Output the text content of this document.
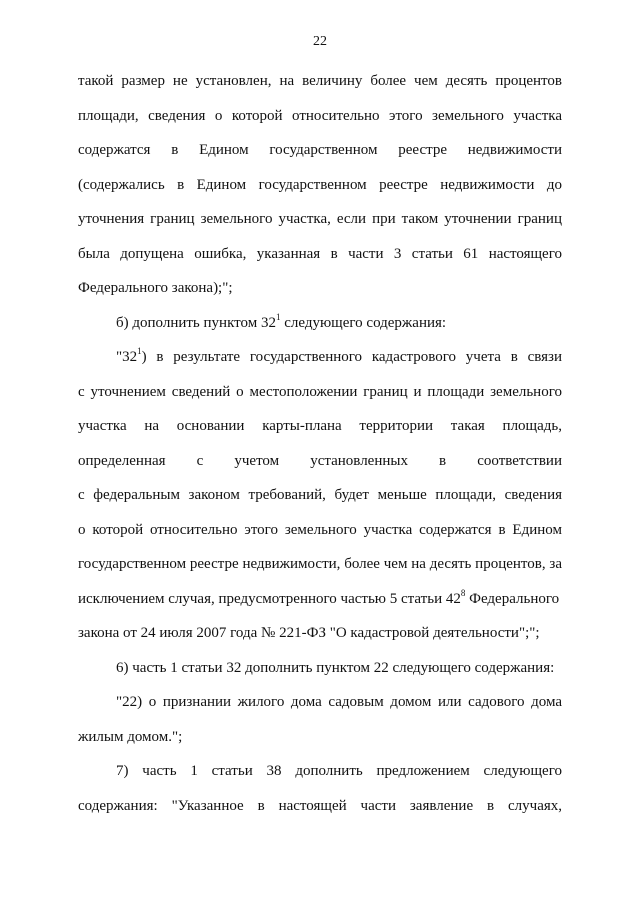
22
такой размер не установлен, на величину более чем десять процентов
площади, сведения о которой относительно этого земельного участка
содержатся в Едином государственном реестре недвижимости
(содержались в Едином государственном реестре недвижимости до
уточнения границ земельного участка, если при таком уточнении границ
была допущена ошибка, указанная в части 3 статьи 61 настоящего
Федерального закона);";
б) дополнить пунктом $32^1$ следующего содержания:
"$32^1$) в результате государственного кадастрового учета в связи
с уточнением сведений о местоположении границ и площади земельного
участка на основании карты-плана территории такая площадь,
определенная с учетом установленных в соответствии
с федеральным законом требований, будет меньше площади, сведения
о которой относительно этого земельного участка содержатся в Едином
государственном реестре недвижимости, более чем на десять процентов, за
исключением случая, предусмотренного частью 5 статьи $42^8$ Федерального
закона от 24 июля 2007 года № 221-ФЗ "О кадастровой деятельности";";
6) часть 1 статьи 32 дополнить пунктом 22 следующего содержания:
"22) о признании жилого дома садовым домом или садового дома
жилым домом.";
7) часть 1 статьи 38 дополнить предложением следующего
содержания: "Указанное в настоящей части заявление в случаях,
